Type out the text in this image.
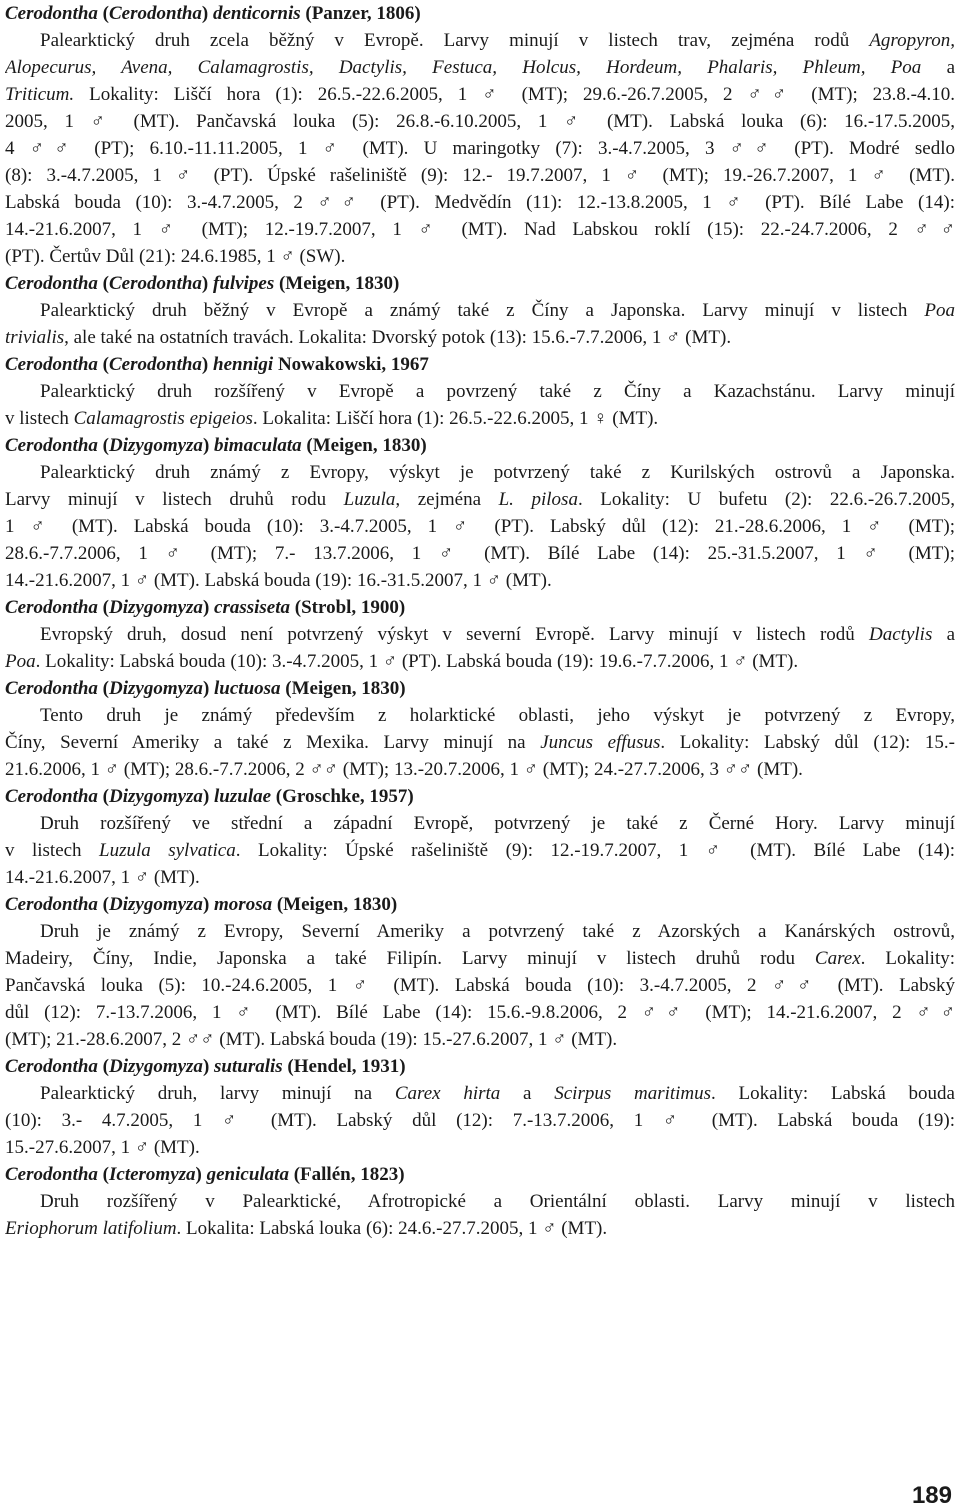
Cerodontha (Cerodontha) denticornis (Panzer, 1806)
Palearktický druh zcela běžný v Evropě. Larvy minují v listech trav, zejména rodů Agropyron,
Alopecurus, Avena, Calamagrostis, Dactylis, Festuca, Holcus, Hordeum, Phalaris, Phleum, Poa a
Triticum. Lokality: Liščí hora (1): 26.5.-22.6.2005, 1 ♂ (MT); 29.6.-26.7.2005, 2 ♂♂ (MT); 23.8.-4.10.
2005, 1 ♂ (MT). Pančavská louka (5): 26.8.-6.10.2005, 1 ♂ (MT). Labská louka (6): 16.-17.5.2005,
4 ♂♂ (PT); 6.10.-11.11.2005, 1 ♂ (MT). U maringotky (7): 3.-4.7.2005, 3 ♂♂ (PT). Modré sedlo
(8): 3.-4.7.2005, 1 ♂ (PT). Úpské rašeliniště (9): 12.- 19.7.2007, 1 ♂ (MT); 19.-26.7.2007, 1 ♂ (MT).
Labská bouda (10): 3.-4.7.2005, 2 ♂♂ (PT). Medvědín (11): 12.-13.8.2005, 1 ♂ (PT). Bílé Labe (14):
14.-21.6.2007, 1 ♂ (MT); 12.-19.7.2007, 1 ♂ (MT). Nad Labskou roklí (15): 22.-24.7.2006, 2 ♂♂
(PT). Čertův Důl (21): 24.6.1985, 1 ♂ (SW).
Cerodontha (Cerodontha) fulvipes (Meigen, 1830)
Palearktický druh běžný v Evropě a známý také z Číny a Japonska. Larvy minují v listech Poa
trivialis, ale také na ostatních travách. Lokalita: Dvorský potok (13): 15.6.-7.7.2006, 1 ♂ (MT).
Cerodontha (Cerodontha) hennigi Nowakowski, 1967
Palearktický druh rozšířený v Evropě a povrzený také z Číny a Kazachstánu. Larvy minují
v listech Calamagrostis epigeios. Lokalita: Liščí hora (1): 26.5.-22.6.2005, 1 ♀ (MT).
Cerodontha (Dizygomyza) bimaculata (Meigen, 1830)
Palearktický druh známý z Evropy, výskyt je potvrzený také z Kurilských ostrovů a Japonska.
Larvy minují v listech druhů rodu Luzula, zejména L. pilosa. Lokality: U bufetu (2): 22.6.-26.7.2005,
1 ♂ (MT). Labská bouda (10): 3.-4.7.2005, 1 ♂ (PT). Labský důl (12): 21.-28.6.2006, 1 ♂ (MT);
28.6.-7.7.2006, 1 ♂ (MT); 7.- 13.7.2006, 1 ♂ (MT). Bílé Labe (14): 25.-31.5.2007, 1 ♂ (MT);
14.-21.6.2007, 1 ♂ (MT). Labská bouda (19): 16.-31.5.2007, 1 ♂ (MT).
Cerodontha (Dizygomyza) crassiseta (Strobl, 1900)
Evropský druh, dosud není potvrzený výskyt v severní Evropě. Larvy minují v listech rodů Dactylis a
Poa. Lokality: Labská bouda (10): 3.-4.7.2005, 1 ♂ (PT). Labská bouda (19): 19.6.-7.7.2006, 1 ♂ (MT).
Cerodontha (Dizygomyza) luctuosa (Meigen, 1830)
Tento druh je známý především z holarktické oblasti, jeho výskyt je potvrzený z Evropy,
Číny, Severní Ameriky a také z Mexika. Larvy minují na Juncus effusus. Lokality: Labský důl (12): 15.-
21.6.2006, 1 ♂ (MT); 28.6.-7.7.2006, 2 ♂♂ (MT); 13.-20.7.2006, 1 ♂ (MT); 24.-27.7.2006, 3 ♂♂ (MT).
Cerodontha (Dizygomyza) luzulae (Groschke, 1957)
Druh rozšířený ve střední a západní Evropě, potvrzený je také z Černé Hory. Larvy minují
v listech Luzula sylvatica. Lokality: Úpské rašeliniště (9): 12.-19.7.2007, 1 ♂ (MT). Bílé Labe (14):
14.-21.6.2007, 1 ♂ (MT).
Cerodontha (Dizygomyza) morosa (Meigen, 1830)
Druh je známý z Evropy, Severní Ameriky a potvrzený také z Azorských a Kanárských ostrovů,
Madeiry, Číny, Indie, Japonska a také Filipín. Larvy minují v listech druhů rodu Carex. Lokality:
Pančavská louka (5): 10.-24.6.2005, 1 ♂ (MT). Labská bouda (10): 3.-4.7.2005, 2 ♂♂ (MT). Labský
důl (12): 7.-13.7.2006, 1 ♂ (MT). Bílé Labe (14): 15.6.-9.8.2006, 2 ♂♂ (MT); 14.-21.6.2007, 2 ♂♂
(MT); 21.-28.6.2007, 2 ♂♂ (MT). Labská bouda (19): 15.-27.6.2007, 1 ♂ (MT).
Cerodontha (Dizygomyza) suturalis (Hendel, 1931)
Palearktický druh, larvy minují na Carex hirta a Scirpus maritimus. Lokality: Labská bouda
(10): 3.- 4.7.2005, 1 ♂ (MT). Labský důl (12): 7.-13.7.2006, 1 ♂ (MT). Labská bouda (19):
15.-27.6.2007, 1 ♂ (MT).
Cerodontha (Icteromyza) geniculata (Fallén, 1823)
Druh rozšířený v Palearktické, Afrotropické a Orientální oblasti. Larvy minují v listech
Eriophorum latifolium. Lokalita: Labská louka (6): 24.6.-27.7.2005, 1 ♂ (MT).
189
